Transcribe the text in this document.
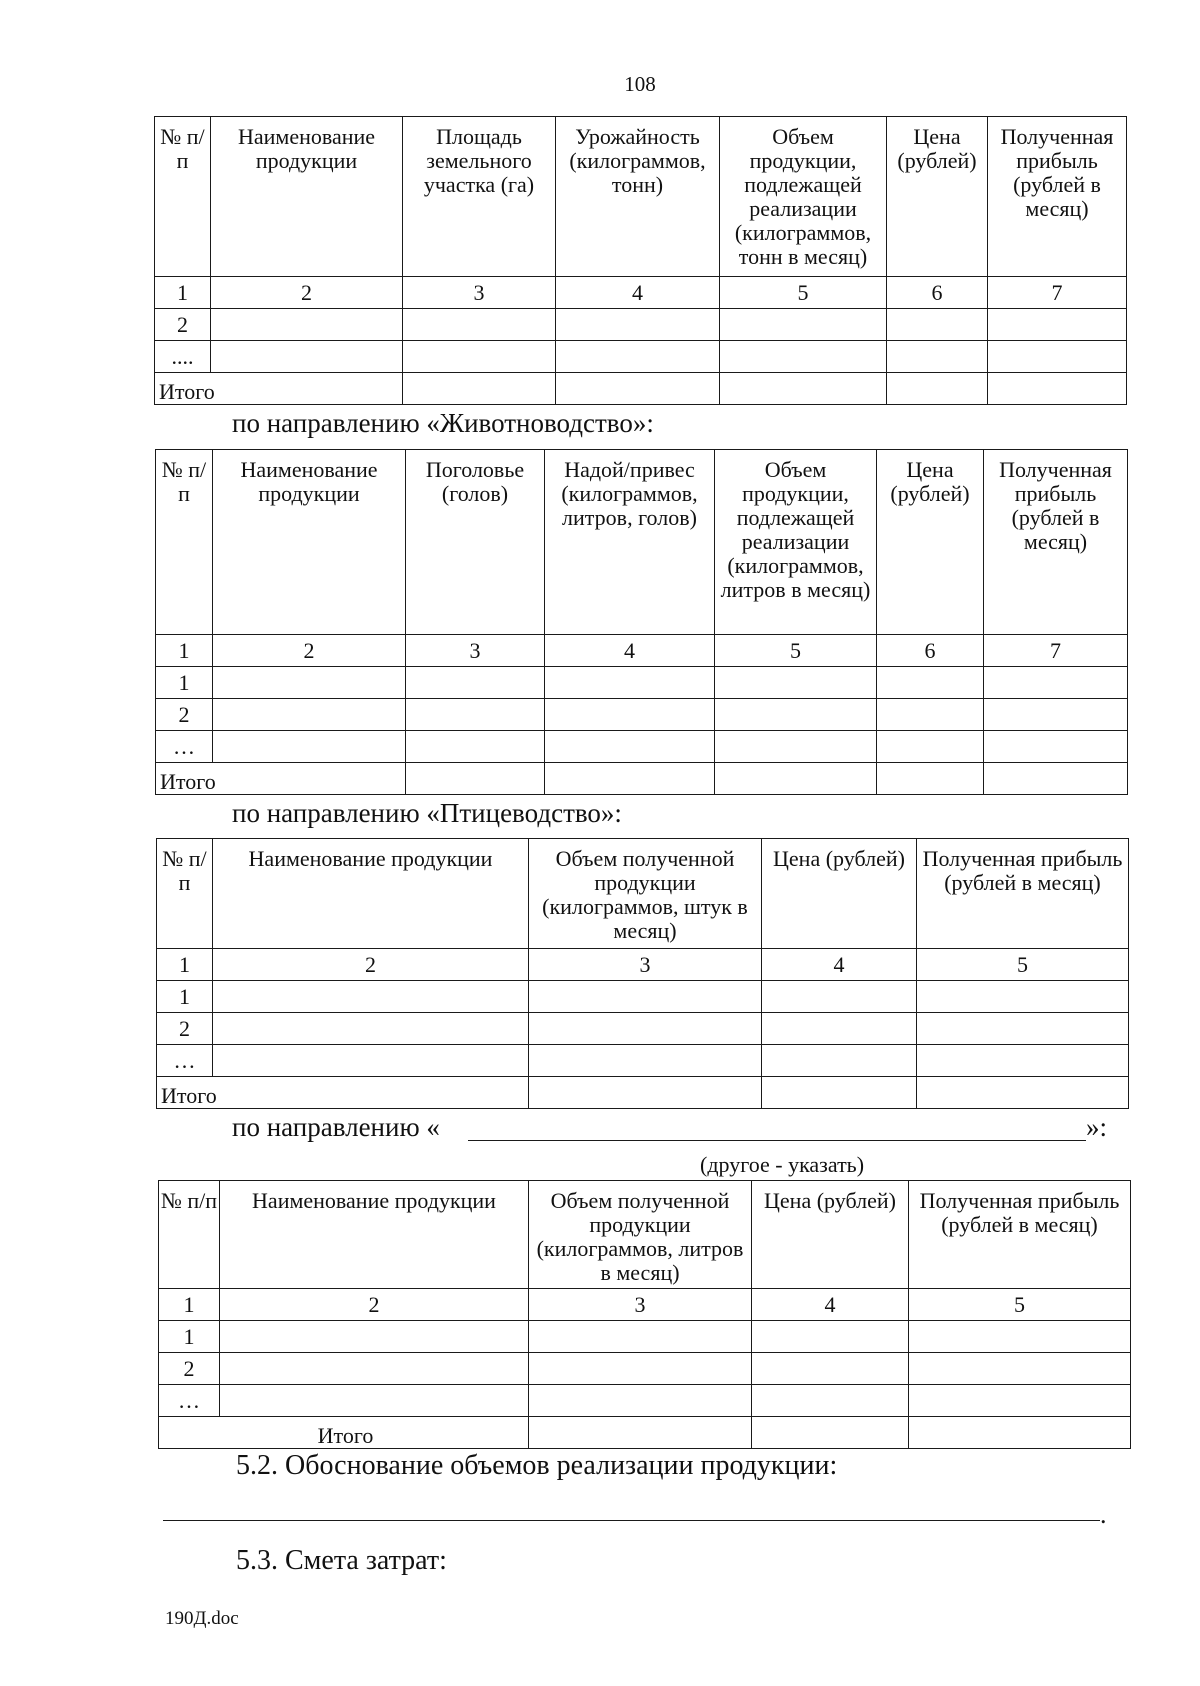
108
№ п/п	Наименование продукции	Площадь земельного участка (га)	Урожайность (килограммов, тонн)	Объем продукции, подлежащей реализации (килограммов, тонн в месяц)	Цена (рублей)	Полученная прибыль (рублей в месяц)
1	2	3	4	5	6	7
2						
....						
Итого						
по направлению «Животноводство»:
№ п/п	Наименование продукции	Поголовье (голов)	Надой/привес (килограммов, литров, голов)	Объем продукции, подлежащей реализации (килограммов, литров в месяц)	Цена (рублей)	Полученная прибыль (рублей в месяц)
1	2	3	4	5	6	7
1						
2						
…						
Итого						
по направлению «Птицеводство»:
№ п/п	Наименование продукции	Объем полученной продукции (килограммов, штук в месяц)	Цена (рублей)	Полученная прибыль (рублей в месяц)
1	2	3	4	5
1				
2				
…				
Итого				
по направлению «	»:
(другое - указать)
№ п/п	Наименование продукции	Объем полученной продукции (килограммов, литров в месяц)	Цена (рублей)	Полученная прибыль (рублей в месяц)
1	2	3	4	5
1				
2				
…				
Итого				
5.2. Обоснование объемов реализации продукции:
.
5.3. Смета затрат:
190Д.doc
